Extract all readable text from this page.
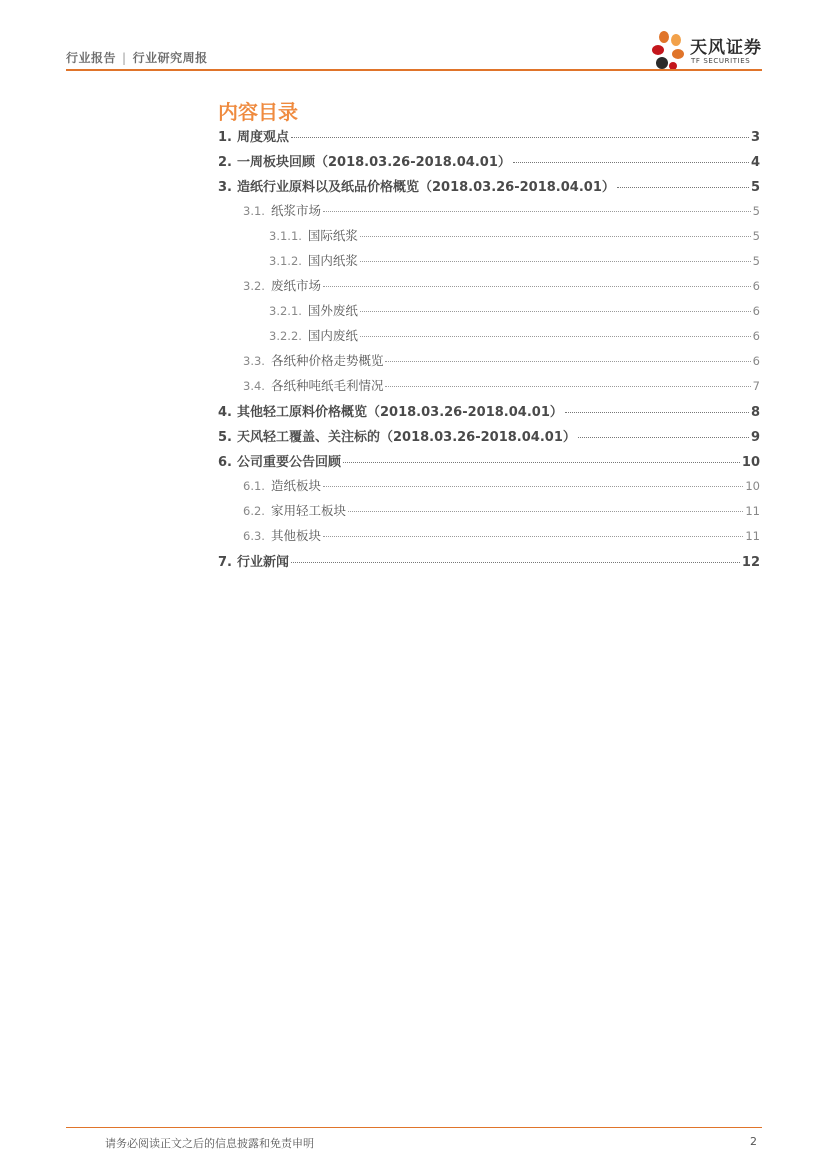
行业报告 | 行业研究周报	天风证券
TF SECURITIES
内容目录
1. 周度观点	3
2. 一周板块回顾（2018.03.26-2018.04.01）	4
3. 造纸行业原料以及纸品价格概览（2018.03.26-2018.04.01）	5
3.1. 纸浆市场	5
3.1.1. 国际纸浆	5
3.1.2. 国内纸浆	5
3.2. 废纸市场	6
3.2.1. 国外废纸	6
3.2.2. 国内废纸	6
3.3. 各纸种价格走势概览	6
3.4. 各纸种吨纸毛利情况	7
4. 其他轻工原料价格概览（2018.03.26-2018.04.01）	8
5. 天风轻工覆盖、关注标的（2018.03.26-2018.04.01）	9
6. 公司重要公告回顾	10
6.1. 造纸板块	10
6.2. 家用轻工板块	11
6.3. 其他板块	11
7. 行业新闻	12
请务必阅读正文之后的信息披露和免责申明	2
